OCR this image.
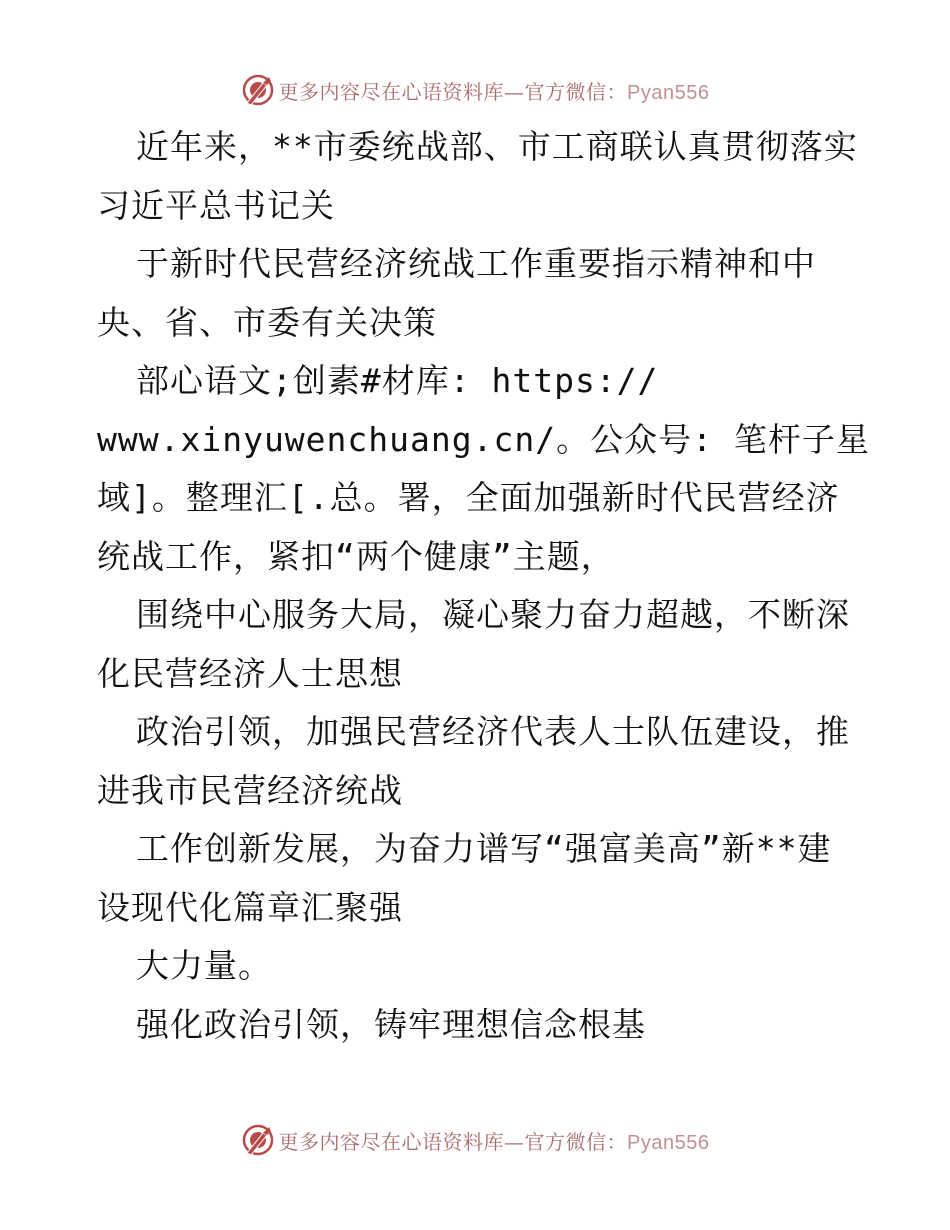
更多内容尽在心语资料库—官方微信：Pyan556
近年来，**市委统战部、市工商联认真贯彻落实
习近平总书记关
于新时代民营经济统战工作重要指示精神和中
央、省、市委有关决策
部心语文;创素#材库: https://
www.xinyuwenchuang.cn/。公众号: 笔杆子星
域]。整理汇[.总。署，全面加强新时代民营经济
统战工作，紧扣“两个健康”主题，
围绕中心服务大局，凝心聚力奋力超越，不断深
化民营经济人士思想
政治引领，加强民营经济代表人士队伍建设，推
进我市民营经济统战
工作创新发展，为奋力谱写“强富美高”新**建
设现代化篇章汇聚强
大力量。
强化政治引领，铸牢理想信念根基
更多内容尽在心语资料库—官方微信：Pyan556
